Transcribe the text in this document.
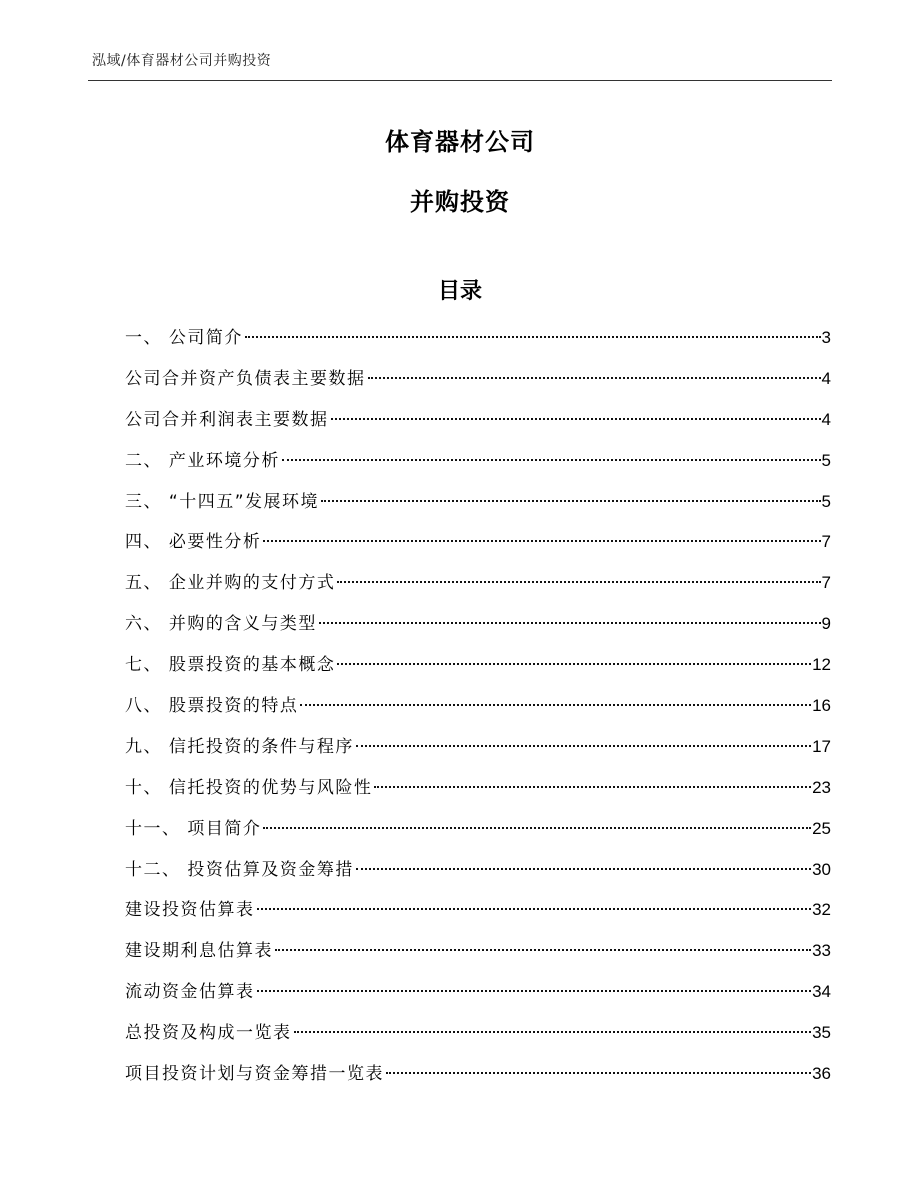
泓域/体育器材公司并购投资
体育器材公司
并购投资
目录
一、 公司简介	3
公司合并资产负债表主要数据	4
公司合并利润表主要数据	4
二、 产业环境分析	5
三、 “十四五”发展环境	5
四、 必要性分析	7
五、 企业并购的支付方式	7
六、 并购的含义与类型	9
七、 股票投资的基本概念	12
八、 股票投资的特点	16
九、 信托投资的条件与程序	17
十、 信托投资的优势与风险性	23
十一、 项目简介	25
十二、 投资估算及资金筹措	30
建设投资估算表	32
建设期利息估算表	33
流动资金估算表	34
总投资及构成一览表	35
项目投资计划与资金筹措一览表	36
